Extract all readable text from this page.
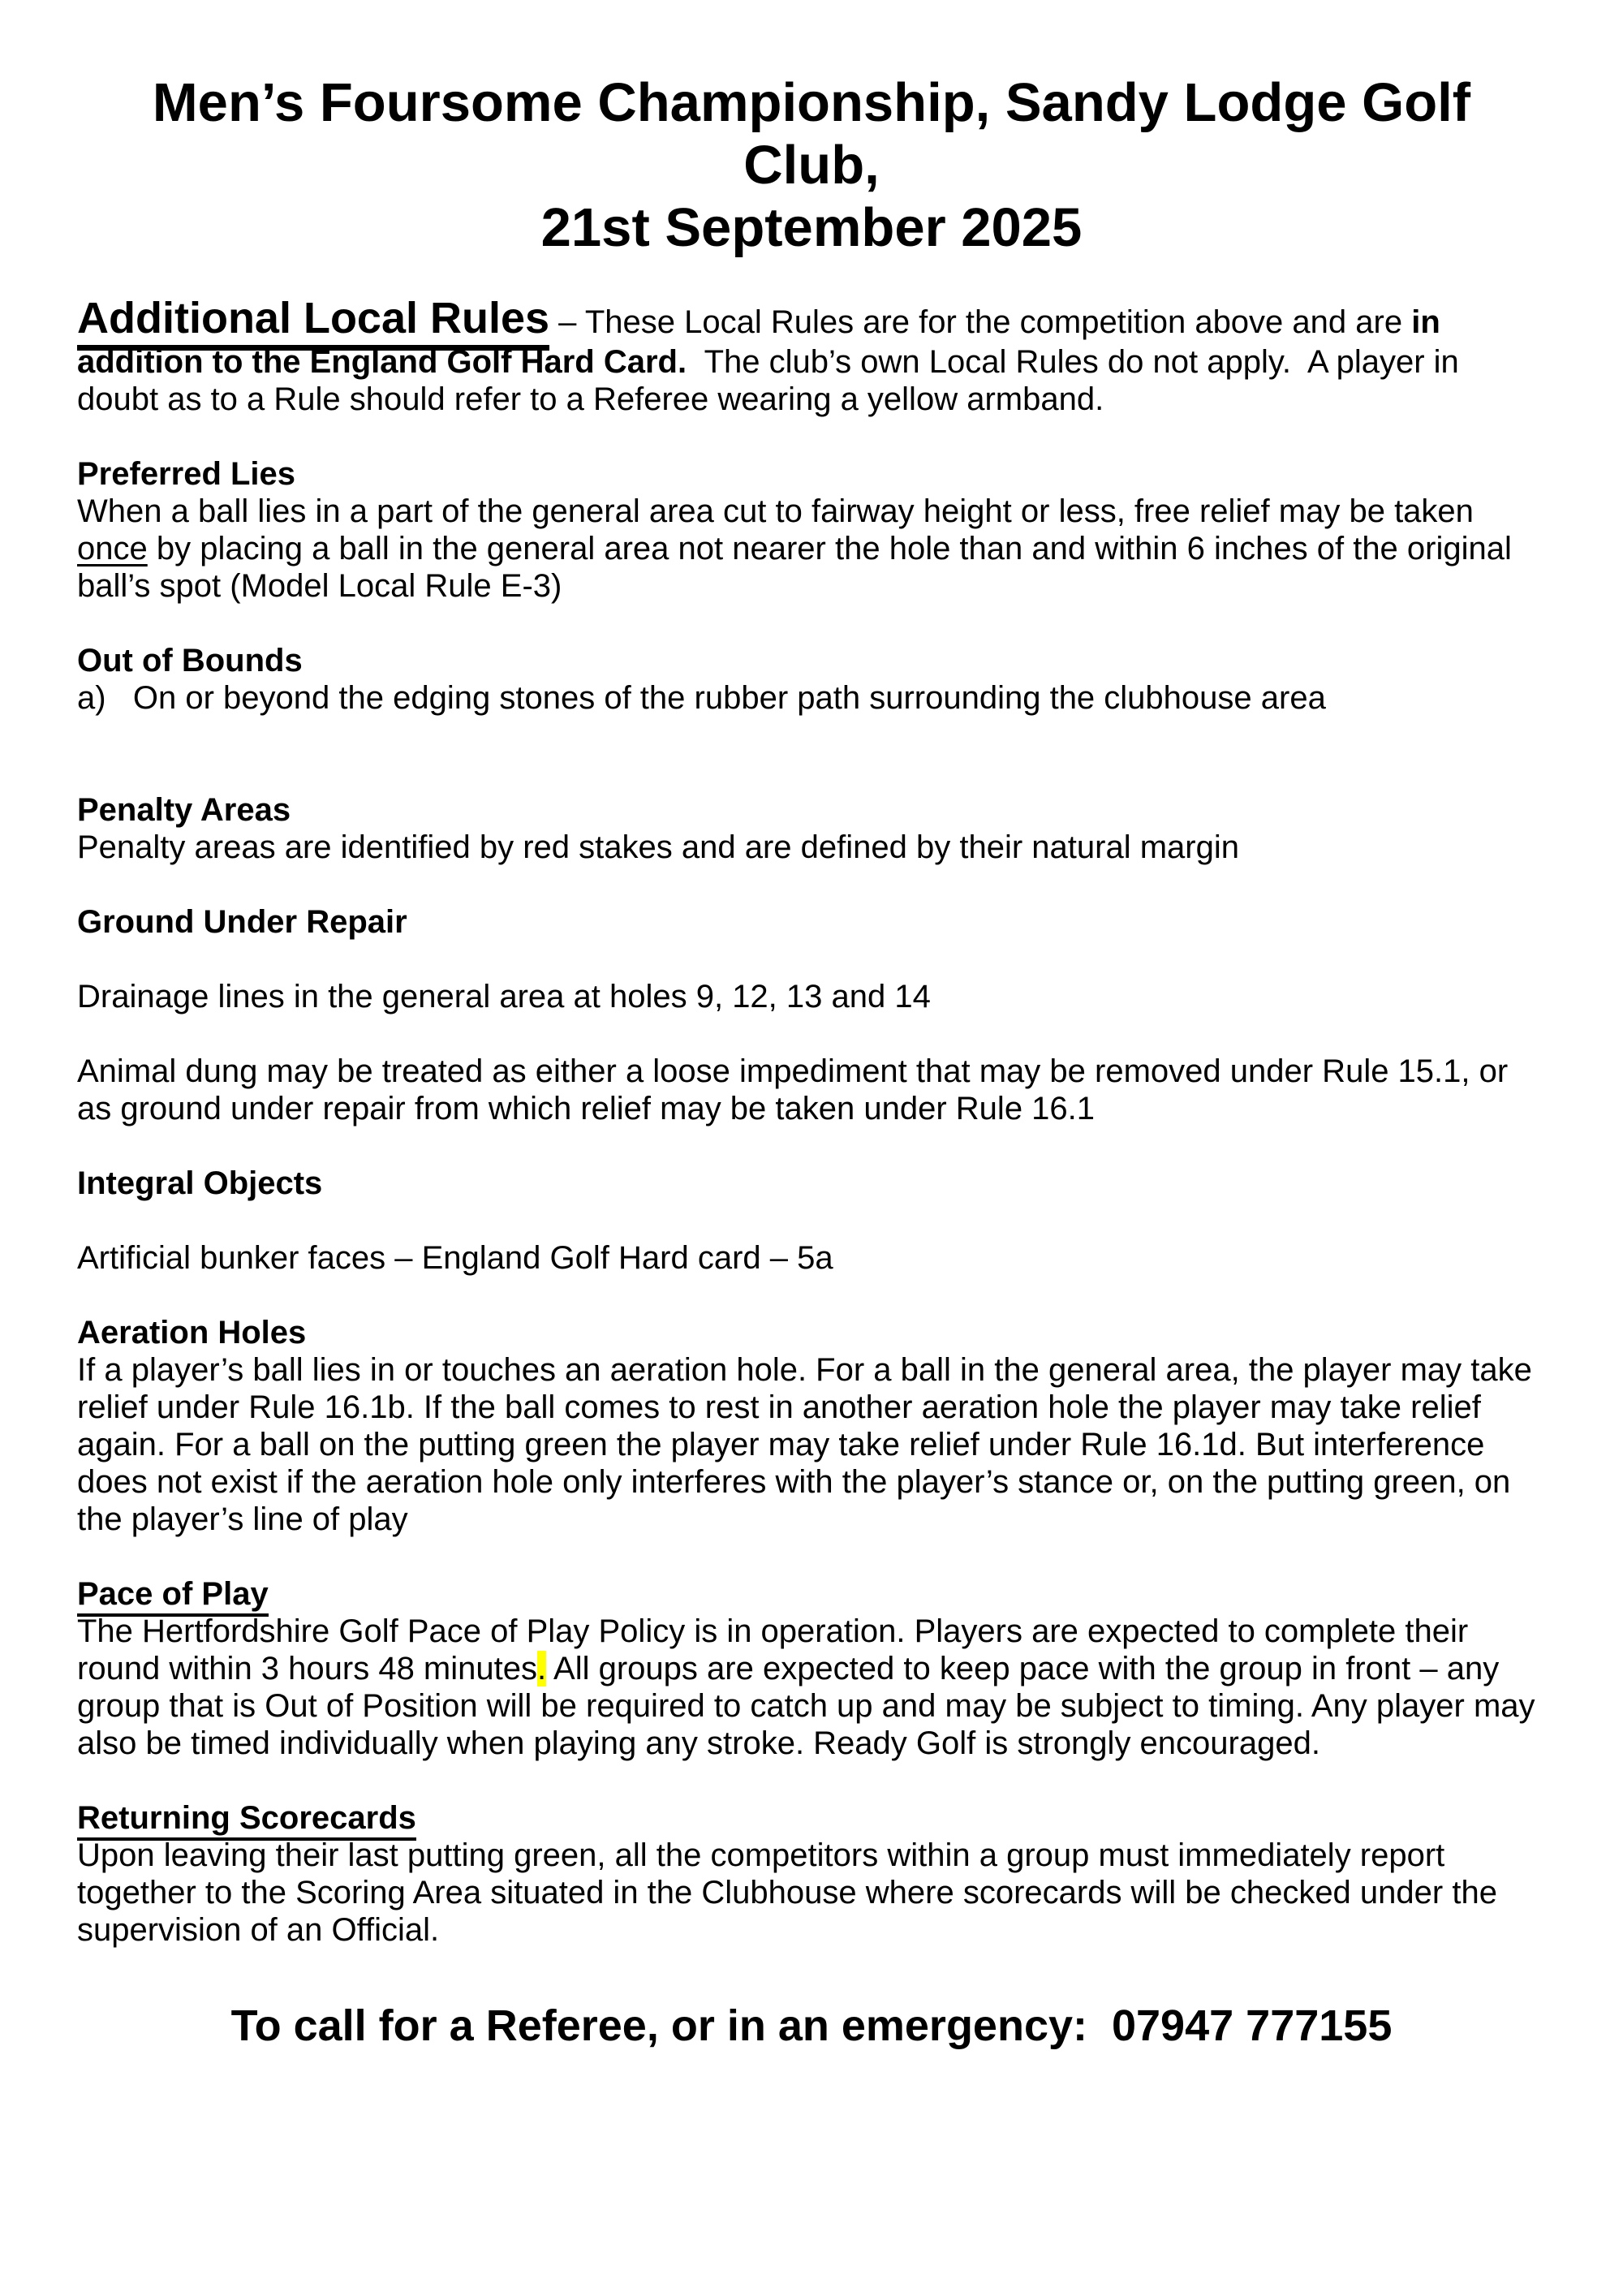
Men’s Foursome Championship, Sandy Lodge Golf Club,
21st September 2025

Additional Local Rules – These Local Rules are for the competition above and are in addition to the England Golf Hard Card.  The club’s own Local Rules do not apply.  A player in doubt as to a Rule should refer to a Referee wearing a yellow armband.

Preferred Lies

When a ball lies in a part of the general area cut to fairway height or less, free relief may be taken once by placing a ball in the general area not nearer the hole than and within 6 inches of the original ball’s spot (Model Local Rule E-3)

Out of Bounds

a)   On or beyond the edging stones of the rubber path surrounding the clubhouse area

Penalty Areas

Penalty areas are identified by red stakes and are defined by their natural margin

Ground Under Repair

Drainage lines in the general area at holes 9, 12, 13 and 14

Animal dung may be treated as either a loose impediment that may be removed under Rule 15.1, or as ground under repair from which relief may be taken under Rule 16.1

Integral Objects

Artificial bunker faces – England Golf Hard card – 5a

Aeration Holes

If a player’s ball lies in or touches an aeration hole. For a ball in the general area, the player may take relief under Rule 16.1b. If the ball comes to rest in another aeration hole the player may take relief again. For a ball on the putting green the player may take relief under Rule 16.1d. But interference does not exist if the aeration hole only interferes with the player’s stance or, on the putting green, on the player’s line of play

Pace of Play

The Hertfordshire Golf Pace of Play Policy is in operation. Players are expected to complete their round within 3 hours 48 minutes. All groups are expected to keep pace with the group in front – any group that is Out of Position will be required to catch up and may be subject to timing. Any player may also be timed individually when playing any stroke. Ready Golf is strongly encouraged.

Returning Scorecards

Upon leaving their last putting green, all the competitors within a group must immediately report together to the Scoring Area situated in the Clubhouse where scorecards will be checked under the supervision of an Official.

To call for a Referee, or in an emergency:  07947 777155
